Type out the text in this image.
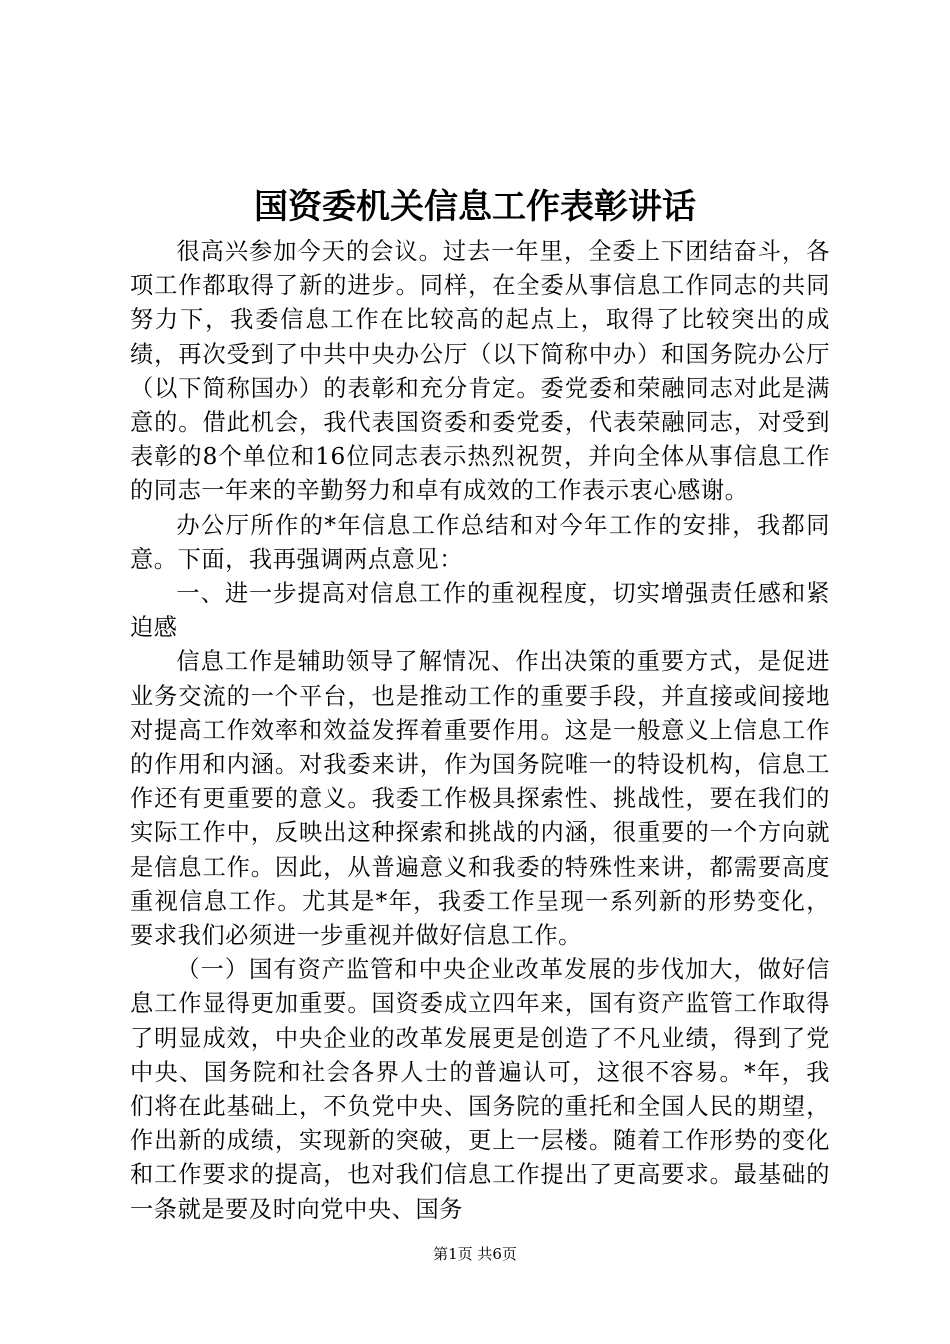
国资委机关信息工作表彰讲话

很高兴参加今天的会议。过去一年里，全委上下团结奋斗，各项工作都取得了新的进步。同样，在全委从事信息工作同志的共同努力下，我委信息工作在比较高的起点上，取得了比较突出的成绩，再次受到了中共中央办公厅（以下简称中办）和国务院办公厅（以下简称国办）的表彰和充分肯定。委党委和荣融同志对此是满意的。借此机会，我代表国资委和委党委，代表荣融同志，对受到表彰的8个单位和16位同志表示热烈祝贺，并向全体从事信息工作的同志一年来的辛勤努力和卓有成效的工作表示衷心感谢。

办公厅所作的*年信息工作总结和对今年工作的安排，我都同意。下面，我再强调两点意见：

一、进一步提高对信息工作的重视程度，切实增强责任感和紧迫感

信息工作是辅助领导了解情况、作出决策的重要方式，是促进业务交流的一个平台，也是推动工作的重要手段，并直接或间接地对提高工作效率和效益发挥着重要作用。这是一般意义上信息工作的作用和内涵。对我委来讲，作为国务院唯一的特设机构，信息工作还有更重要的意义。我委工作极具探索性、挑战性，要在我们的实际工作中，反映出这种探索和挑战的内涵，很重要的一个方向就是信息工作。因此，从普遍意义和我委的特殊性来讲，都需要高度重视信息工作。尤其是*年，我委工作呈现一系列新的形势变化，要求我们必须进一步重视并做好信息工作。

（一）国有资产监管和中央企业改革发展的步伐加大，做好信息工作显得更加重要。国资委成立四年来，国有资产监管工作取得了明显成效，中央企业的改革发展更是创造了不凡业绩，得到了党中央、国务院和社会各界人士的普遍认可，这很不容易。*年，我们将在此基础上，不负党中央、国务院的重托和全国人民的期望，作出新的成绩，实现新的突破，更上一层楼。随着工作形势的变化和工作要求的提高，也对我们信息工作提出了更高要求。最基础的一条就是要及时向党中央、国务

第1页 共6页
